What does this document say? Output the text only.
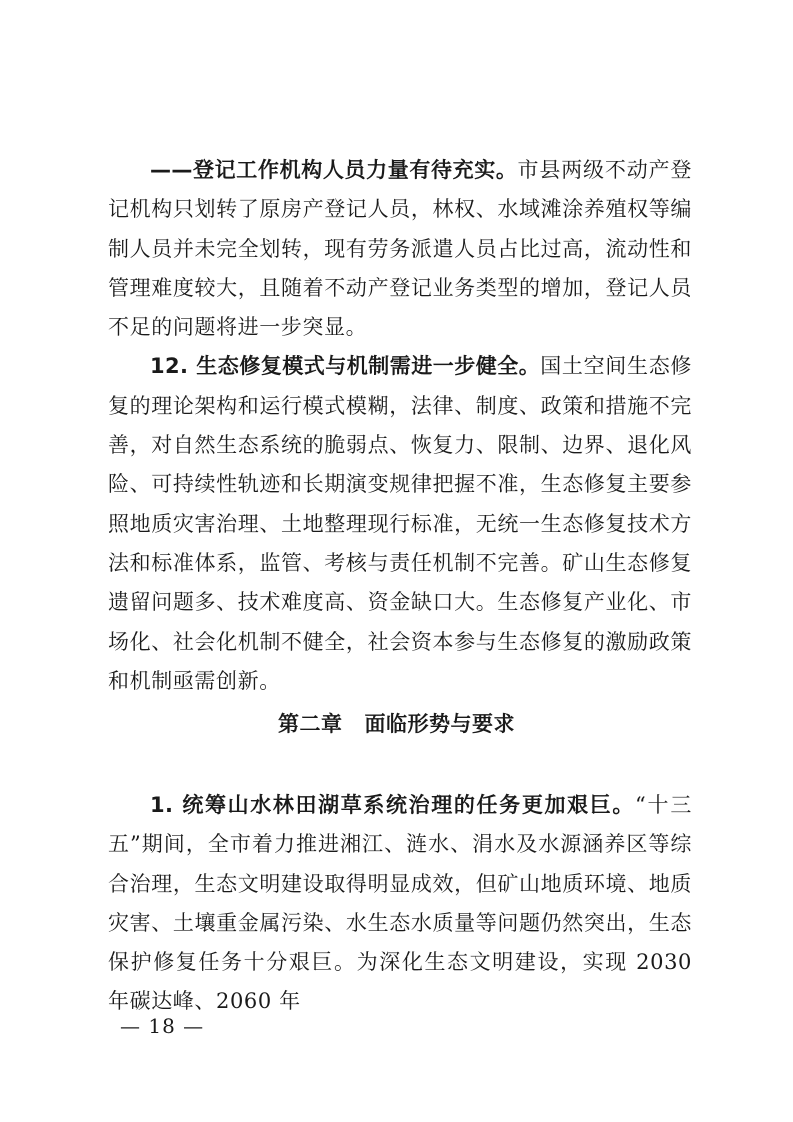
——登记工作机构人员力量有待充实。市县两级不动产登记机构只划转了原房产登记人员，林权、水域滩涂养殖权等编制人员并未完全划转，现有劳务派遣人员占比过高，流动性和管理难度较大，且随着不动产登记业务类型的增加，登记人员不足的问题将进一步突显。

12. 生态修复模式与机制需进一步健全。国土空间生态修复的理论架构和运行模式模糊，法律、制度、政策和措施不完善，对自然生态系统的脆弱点、恢复力、限制、边界、退化风险、可持续性轨迹和长期演变规律把握不准，生态修复主要参照地质灾害治理、土地整理现行标准，无统一生态修复技术方法和标准体系，监管、考核与责任机制不完善。矿山生态修复遗留问题多、技术难度高、资金缺口大。生态修复产业化、市场化、社会化机制不健全，社会资本参与生态修复的激励政策和机制亟需创新。

第二章 面临形势与要求

1. 统筹山水林田湖草系统治理的任务更加艰巨。“十三五”期间，全市着力推进湘江、涟水、涓水及水源涵养区等综合治理，生态文明建设取得明显成效，但矿山地质环境、地质灾害、土壤重金属污染、水生态水质量等问题仍然突出，生态保护修复任务十分艰巨。为深化生态文明建设，实现 2030 年碳达峰、2060 年

— 18 —
